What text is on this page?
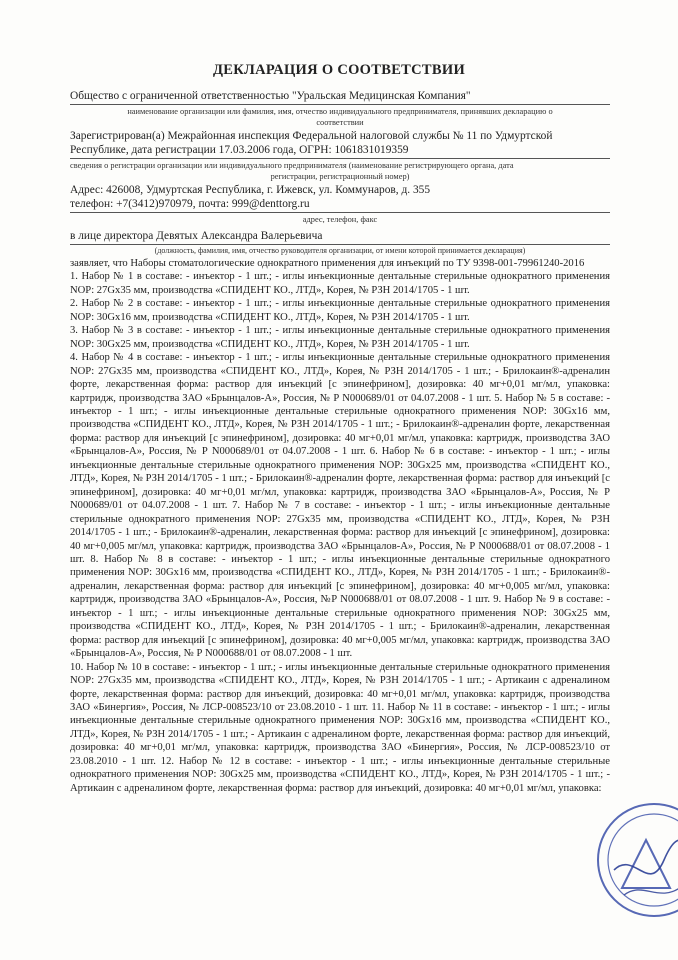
ДЕКЛАРАЦИЯ О СООТВЕТСТВИИ
Общество с ограниченной ответственностью "Уральская Медицинская Компания"
наименование организации или фамилия, имя, отчество индивидуального предпринимателя, принявших декларацию о
соответствии
Зарегистрирован(а) Межрайонная инспекция Федеральной налоговой службы № 11 по Удмуртской
Республике, дата регистрации 17.03.2006 года, ОГРН: 1061831019359
сведения о регистрации организации или индивидуального предпринимателя (наименование регистрирующего органа, дата
регистрации, регистрационный номер)
Адрес: 426008, Удмуртская Республика, г. Ижевск, ул. Коммунаров, д. 355
телефон: +7(3412)970979, почта: 999@denttorg.ru
адрес, телефон, факс
в лице директора Девятых Александра Валерьевича
(должность, фамилия, имя, отчество руководителя организации, от имени которой принимается декларация)

заявляет, что Наборы стоматологические однократного применения для инъекций по ТУ 9398-001-79961240-2016

1. Набор № 1 в составе: - инъектор - 1 шт.; - иглы инъекционные дентальные стерильные однократного применения NOP: 27Gx35 мм, производства «СПИДЕНТ КО., ЛТД», Корея, № РЗН 2014/1705 - 1 шт.

2. Набор № 2 в составе: - инъектор - 1 шт.; - иглы инъекционные дентальные стерильные однократного применения NOP: 30Gx16 мм, производства «СПИДЕНТ КО., ЛТД», Корея, № РЗН 2014/1705 - 1 шт.

3. Набор № 3 в составе: - инъектор - 1 шт.; - иглы инъекционные дентальные стерильные однократного применения NOP: 30Gx25 мм, производства «СПИДЕНТ КО., ЛТД», Корея, № РЗН 2014/1705 - 1 шт.

4. Набор № 4 в составе: - инъектор - 1 шт.; - иглы инъекционные дентальные стерильные однократного применения NOP: 27Gx35 мм, производства «СПИДЕНТ КО., ЛТД», Корея, № РЗН 2014/1705 - 1 шт.; - Брилокаин®-адреналин форте, лекарственная форма: раствор для инъекций [с эпинефрином], дозировка: 40 мг+0,01 мг/мл, упаковка: картридж, производства ЗАО «Брынцалов-А», Россия, № Р N000689/01 от 04.07.2008 - 1 шт. 5. Набор № 5 в составе: - инъектор - 1 шт.; - иглы инъекционные дентальные стерильные однократного применения NOP: 30Gx16 мм, производства «СПИДЕНТ КО., ЛТД», Корея, № РЗН 2014/1705 - 1 шт.; - Брилокаин®-адреналин форте, лекарственная форма: раствор для инъекций [с эпинефрином], дозировка: 40 мг+0,01 мг/мл, упаковка: картридж, производства ЗАО «Брынцалов-А», Россия, № Р N000689/01 от 04.07.2008 - 1 шт. 6. Набор № 6 в составе: - инъектор - 1 шт.; - иглы инъекционные дентальные стерильные однократного применения NOP: 30Gx25 мм, производства «СПИДЕНТ КО., ЛТД», Корея, № РЗН 2014/1705 - 1 шт.; - Брилокаин®-адреналин форте, лекарственная форма: раствор для инъекций [с эпинефрином], дозировка: 40 мг+0,01 мг/мл, упаковка: картридж, производства ЗАО «Брынцалов-А», Россия, № Р N000689/01 от 04.07.2008 - 1 шт. 7. Набор № 7 в составе: - инъектор - 1 шт.; - иглы инъекционные дентальные стерильные однократного применения NOP: 27Gx35 мм, производства «СПИДЕНТ КО., ЛТД», Корея, № РЗН 2014/1705 - 1 шт.; - Брилокаин®-адреналин, лекарственная форма: раствор для инъекций [с эпинефрином], дозировка: 40 мг+0,005 мг/мл, упаковка: картридж, производства ЗАО «Брынцалов-А», Россия, № Р N000688/01 от 08.07.2008 - 1 шт. 8. Набор № 8 в составе: - инъектор - 1 шт.; - иглы инъекционные дентальные стерильные однократного применения NOP: 30Gx16 мм, производства «СПИДЕНТ КО., ЛТД», Корея, № РЗН 2014/1705 - 1 шт.; - Брилокаин®-адреналин, лекарственная форма: раствор для инъекций [с эпинефрином], дозировка: 40 мг+0,005 мг/мл, упаковка: картридж, производства ЗАО «Брынцалов-А», Россия, №Р N000688/01 от 08.07.2008 - 1 шт. 9. Набор № 9 в составе: - инъектор - 1 шт.; - иглы инъекционные дентальные стерильные однократного применения NOP: 30Gx25 мм, производства «СПИДЕНТ КО., ЛТД», Корея, № РЗН 2014/1705 - 1 шт.; - Брилокаин®-адреналин, лекарственная форма: раствор для инъекций [с эпинефрином], дозировка: 40 мг+0,005 мг/мл, упаковка: картридж, производства ЗАО «Брынцалов-А», Россия, № Р N000688/01 от 08.07.2008 - 1 шт.

10. Набор № 10 в составе: - инъектор - 1 шт.; - иглы инъекционные дентальные стерильные однократного применения NOP: 27Gx35 мм, производства «СПИДЕНТ КО., ЛТД», Корея, № РЗН 2014/1705 - 1 шт.; - Артикаин с адреналином форте, лекарственная форма: раствор для инъекций, дозировка: 40 мг+0,01 мг/мл, упаковка: картридж, производства ЗАО «Бинергия», Россия, № ЛСР-008523/10 от 23.08.2010 - 1 шт. 11. Набор № 11 в составе: - инъектор - 1 шт.; - иглы инъекционные дентальные стерильные однократного применения NOP: 30Gx16 мм, производства «СПИДЕНТ КО., ЛТД», Корея, № РЗН 2014/1705 - 1 шт.; - Артикаин с адреналином форте, лекарственная форма: раствор для инъекций, дозировка: 40 мг+0,01 мг/мл, упаковка: картридж, производства ЗАО «Бинергия», Россия, № ЛСР-008523/10 от 23.08.2010 - 1 шт. 12. Набор № 12 в составе: - инъектор - 1 шт.; - иглы инъекционные дентальные стерильные однократного применения NOP: 30Gx25 мм, производства «СПИДЕНТ КО., ЛТД», Корея, № РЗН 2014/1705 - 1 шт.; - Артикаин с адреналином форте, лекарственная форма: раствор для инъекций, дозировка: 40 мг+0,01 мг/мл, упаковка:
